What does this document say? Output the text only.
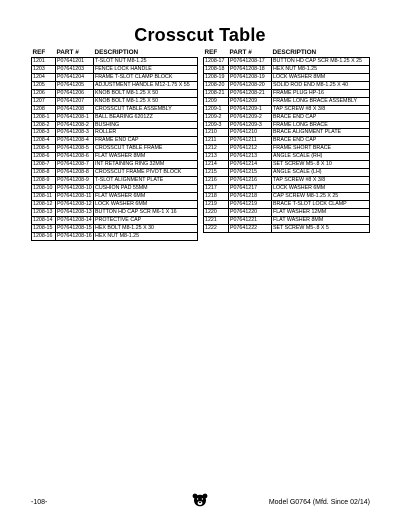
Crosscut Table
REF	PART #	DESCRIPTION
1201	P07641201	T-SLOT NUT M8-1.25
1203	P07641203	FENCE LOCK HANDLE
1204	P07641204	FRAME T-SLOT CLAMP BLOCK
1205	P07641205	ADJUSTMENT HANDLE M12-1.75 X 55
1206	P07641206	KNOB BOLT M8-1.25 X 50
1207	P07641207	KNOB BOLT M8-1.25 X 50
1208	P07641208	CROSSCUT TABLE ASSEMBLY
1208-1	P07641208-1	BALL BEARING 6201ZZ
1208-2	P07641208-2	BUSHING
1208-3	P07641208-3	ROLLER
1208-4	P07641208-4	FRAME END CAP
1208-5	P07641208-5	CROSSCUT TABLE FRAME
1208-6	P07641208-6	FLAT WASHER 8MM
1208-7	P07641208-7	INT RETAINING RING 32MM
1208-8	P07641208-8	CROSSCUT FRAME PIVOT BLOCK
1208-9	P07641208-9	T-SLOT ALIGNMENT PLATE
1208-10	P07641208-10	CUSHION PAD 55MM
1208-11	P07641208-11	FLAT WASHER 6MM
1208-12	P07641208-12	LOCK WASHER 6MM
1208-13	P07641208-13	BUTTON HD CAP SCR M6-1 X 16
1208-14	P07641208-14	PROTECTIVE CAP
1208-15	P07641208-15	HEX BOLT M8-1.25 X 30
1208-16	P07641208-16	HEX NUT M8-1.25
REF	PART #	DESCRIPTION
1208-17	P07641208-17	BUTTON HD CAP SCR M8-1.25 X 25
1208-18	P07641208-18	HEX NUT M8-1.25
1208-19	P07641208-19	LOCK WASHER 8MM
1208-20	P07641208-20	SOLID ROD END M8-1.25 X 40
1208-21	P07641208-21	FRAME PLUG HP-16
1209	P07641209	FRAME LONG BRACE ASSEMBLY
1209-1	P07641209-1	TAP SCREW #8 X 3/8
1209-2	P07641209-2	BRACE END CAP
1209-3	P07641209-3	FRAME LONG BRACE
1210	P07641210	BRACE ALIGNMENT PLATE
1211	P07641211	BRACE END CAP
1212	P07641212	FRAME SHORT BRACE
1213	P07641213	ANGLE SCALE (RH)
1214	P07641214	SET SCREW M5-.8 X 10
1215	P07641215	ANGLE SCALE (LH)
1216	P07641216	TAP SCREW #8 X 3/8
1217	P07641217	LOCK WASHER 6MM
1218	P07641218	CAP SCREW M8-1.25 X 25
1219	P07641219	BRACE T-SLOT LOCK CLAMP
1220	P07641220	FLAT WASHER 12MM
1221	P07641221	FLAT WASHER 8MM
1222	P07641222	SET SCREW M5-.8 X 5
-108-	Model G0764 (Mfd. Since 02/14)
